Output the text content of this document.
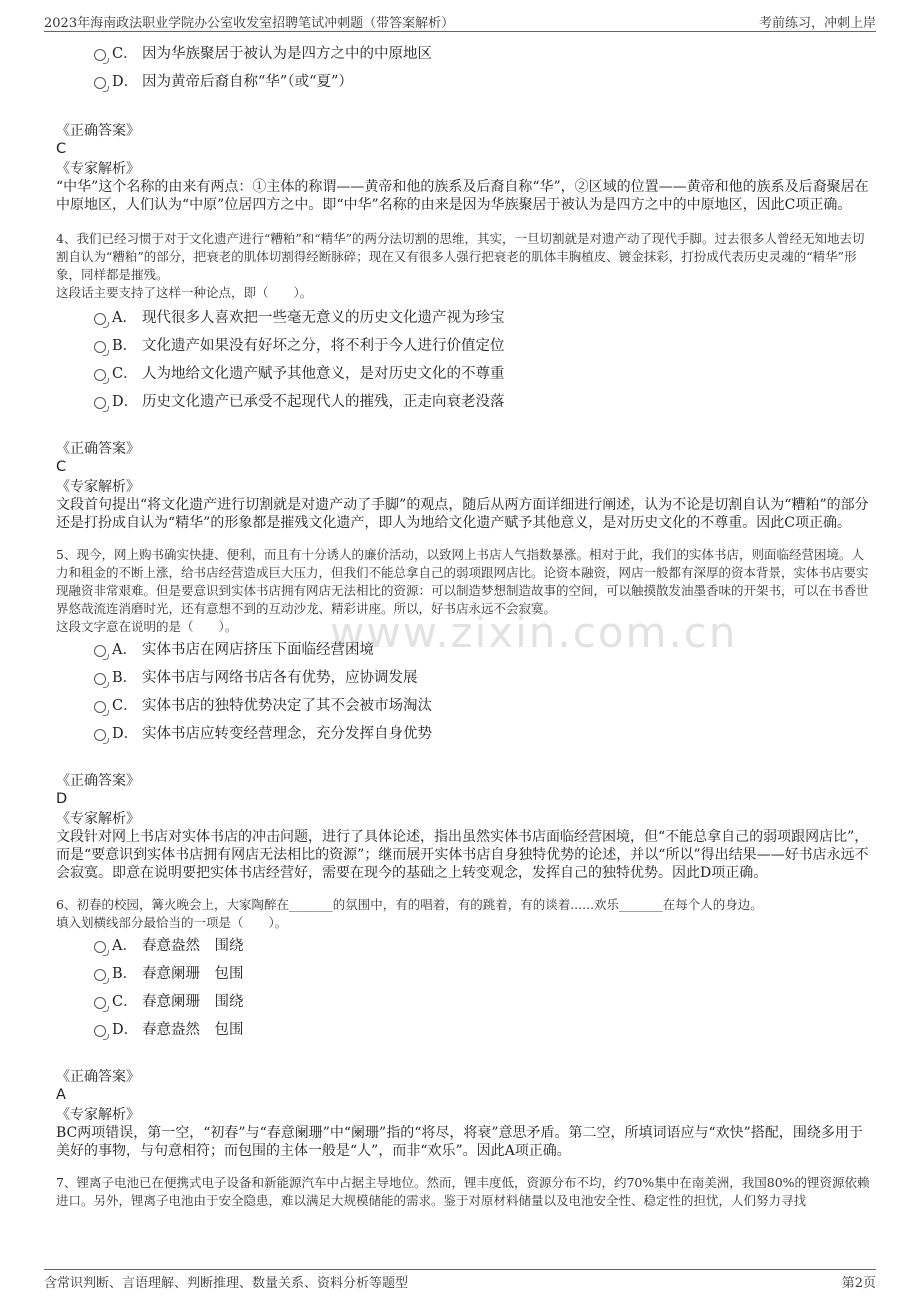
2023年海南政法职业学院办公室收发室招聘笔试冲刺题（带答案解析）	考前练习，冲刺上岸
www.zixin.com.cn
C． 因为华族聚居于被认为是四方之中的中原地区
D． 因为黄帝后裔自称“华”（或“夏”）
《正确答案》
C
《专家解析》
“中华”这个名称的由来有两点：①主体的称谓——黄帝和他的族系及后裔自称“华”，②区域的位置——黄帝和他的族系及后裔聚居在中原地区，人们认为“中原”位居四方之中。即“中华”名称的由来是因为华族聚居于被认为是四方之中的中原地区，因此C项正确。
4、我们已经习惯于对于文化遗产进行“糟粕”和“精华”的两分法切割的思维，其实，一旦切割就是对遗产动了现代手脚。过去很多人曾经无知地去切割自认为“糟粕”的部分，把衰老的肌体切割得经断脉碎；现在又有很多人强行把衰老的肌体丰胸植皮、镀金抹彩，打扮成代表历史灵魂的“精华”形象，同样都是摧残。
这段话主要支持了这样一种论点，即（　　）。
A． 现代很多人喜欢把一些毫无意义的历史文化遗产视为珍宝
B． 文化遗产如果没有好坏之分，将不利于今人进行价值定位
C． 人为地给文化遗产赋予其他意义，是对历史文化的不尊重
D． 历史文化遗产已承受不起现代人的摧残，正走向衰老没落
《正确答案》
C
《专家解析》
文段首句提出“将文化遗产进行切割就是对遗产动了手脚”的观点，随后从两方面详细进行阐述，认为不论是切割自认为“糟粕”的部分还是打扮成自认为“精华”的形象都是摧残文化遗产，即人为地给文化遗产赋予其他意义，是对历史文化的不尊重。因此C项正确。
5、现今，网上购书确实快捷、便利，而且有十分诱人的廉价活动，以致网上书店人气指数暴涨。相对于此，我们的实体书店，则面临经营困境。人力和租金的不断上涨，给书店经营造成巨大压力，但我们不能总拿自己的弱项跟网店比。论资本融资，网店一般都有深厚的资本背景，实体书店要实现融资非常艰难。但是要意识到实体书店拥有网店无法相比的资源：可以制造梦想制造故事的空间，可以触摸散发油墨香味的开架书，可以在书香世界悠哉流连消磨时光，还有意想不到的互动沙龙、精彩讲座。所以，好书店永远不会寂寞。
这段文字意在说明的是（　　）。
A． 实体书店在网店挤压下面临经营困境
B． 实体书店与网络书店各有优势，应协调发展
C． 实体书店的独特优势决定了其不会被市场淘汰
D． 实体书店应转变经营理念，充分发挥自身优势
《正确答案》
D
《专家解析》
文段针对网上书店对实体书店的冲击问题，进行了具体论述，指出虽然实体书店面临经营困境，但“不能总拿自己的弱项跟网店比”，而是“要意识到实体书店拥有网店无法相比的资源”；继而展开实体书店自身独特优势的论述，并以“所以”得出结果——好书店永远不会寂寞。即意在说明要把实体书店经营好，需要在现今的基础之上转变观念，发挥自己的独特优势。因此D项正确。
6、初春的校园，篝火晚会上，大家陶醉在_______的氛围中，有的唱着，有的跳着，有的谈着......欢乐_______在每个人的身边。
填入划横线部分最恰当的一项是（　　）。
A． 春意盎然　围绕
B． 春意阑珊　包围
C． 春意阑珊　围绕
D． 春意盎然　包围
《正确答案》
A
《专家解析》
BC两项错误，第一空，“初春”与“春意阑珊”中“阑珊”指的“将尽，将衰”意思矛盾。第二空，所填词语应与“欢快”搭配，围绕多用于美好的事物，与句意相符；而包围的主体一般是“人”，而非“欢乐”。因此A项正确。
7、锂离子电池已在便携式电子设备和新能源汽车中占据主导地位。然而，锂丰度低，资源分布不均，约70%集中在南美洲，我国80%的锂资源依赖进口。另外，锂离子电池由于安全隐患，难以满足大规模储能的需求。鉴于对原材料储量以及电池安全性、稳定性的担忧，人们努力寻找
含常识判断、言语理解、判断推理、数量关系、资料分析等题型	第2页
